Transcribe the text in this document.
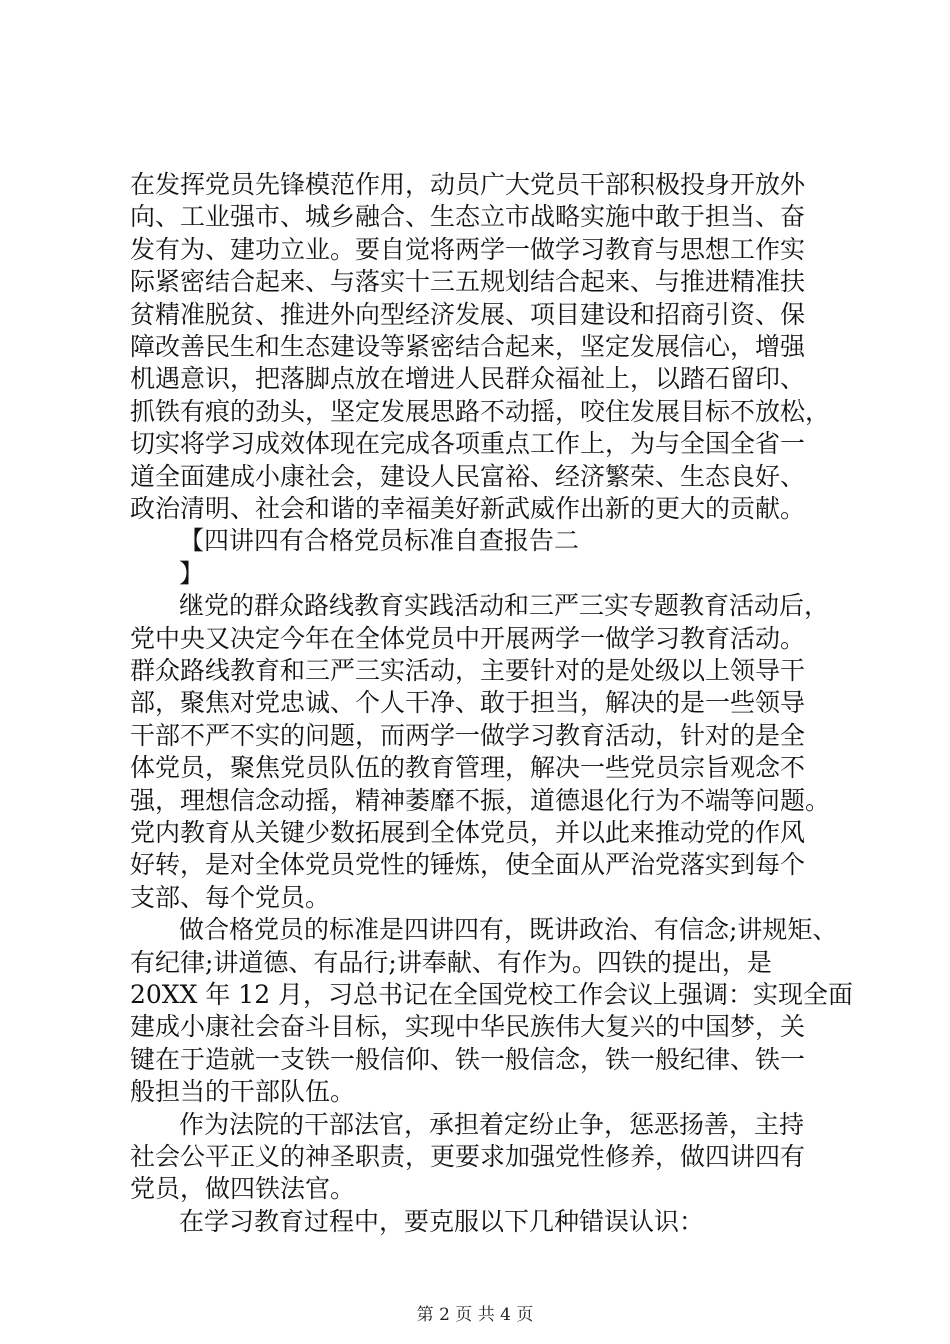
在发挥党员先锋模范作用，动员广大党员干部积极投身开放外
向、工业强市、城乡融合、生态立市战略实施中敢于担当、奋
发有为、建功立业。要自觉将两学一做学习教育与思想工作实
际紧密结合起来、与落实十三五规划结合起来、与推进精准扶
贫精准脱贫、推进外向型经济发展、项目建设和招商引资、保
障改善民生和生态建设等紧密结合起来，坚定发展信心，增强
机遇意识，把落脚点放在增进人民群众福祉上，以踏石留印、
抓铁有痕的劲头，坚定发展思路不动摇，咬住发展目标不放松，
切实将学习成效体现在完成各项重点工作上，为与全国全省一
道全面建成小康社会，建设人民富裕、经济繁荣、生态良好、
政治清明、社会和谐的幸福美好新武威作出新的更大的贡献。
【四讲四有合格党员标准自查报告二
】
继党的群众路线教育实践活动和三严三实专题教育活动后，
党中央又决定今年在全体党员中开展两学一做学习教育活动。
群众路线教育和三严三实活动，主要针对的是处级以上领导干
部，聚焦对党忠诚、个人干净、敢于担当，解决的是一些领导
干部不严不实的问题，而两学一做学习教育活动，针对的是全
体党员，聚焦党员队伍的教育管理，解决一些党员宗旨观念不
强，理想信念动摇，精神萎靡不振，道德退化行为不端等问题。
党内教育从关键少数拓展到全体党员，并以此来推动党的作风
好转，是对全体党员党性的锤炼，使全面从严治党落实到每个
支部、每个党员。
做合格党员的标准是四讲四有，既讲政治、有信念;讲规矩、
有纪律;讲道德、有品行;讲奉献、有作为。四铁的提出，是
20XX 年 12 月，习总书记在全国党校工作会议上强调：实现全面
建成小康社会奋斗目标，实现中华民族伟大复兴的中国梦，关
键在于造就一支铁一般信仰、铁一般信念，铁一般纪律、铁一
般担当的干部队伍。
第 2 页 共 4 页
作为法院的干部法官，承担着定纷止争，惩恶扬善，主持
社会公平正义的神圣职责，更要求加强党性修养，做四讲四有
党员，做四铁法官。
在学习教育过程中，要克服以下几种错误认识：
